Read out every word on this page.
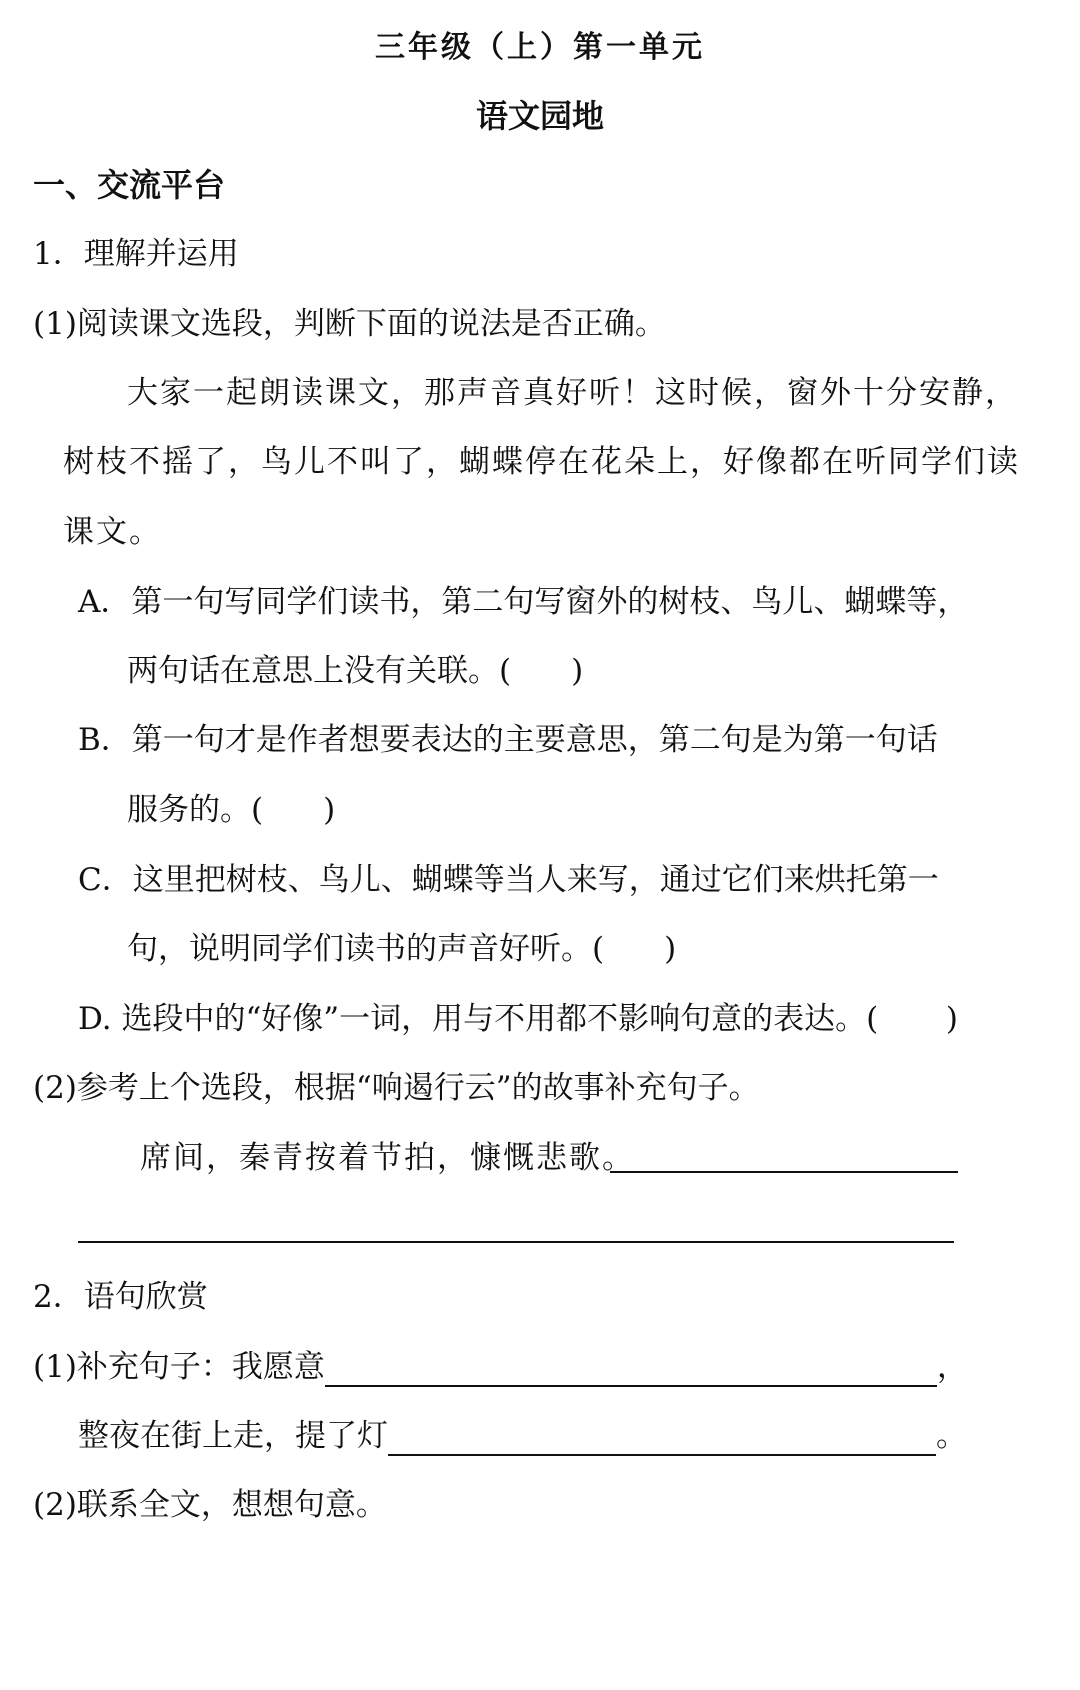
三年级（上）第一单元
语文园地
一、交流平台
1．理解并运用
(1)阅读课文选段，判断下面的说法是否正确。
大家一起朗读课文，那声音真好听！这时候，窗外十分安静，
树枝不摇了，鸟儿不叫了，蝴蝶停在花朵上，好像都在听同学们读
课文。
A．第一句写同学们读书，第二句写窗外的树枝、鸟儿、蝴蝶等，
两句话在意思上没有关联。( )
B．第一句才是作者想要表达的主要意思，第二句是为第一句话
服务的。( )
C．这里把树枝、鸟儿、蝴蝶等当人来写，通过它们来烘托第一
句，说明同学们读书的声音好听。( )
D. 选段中的“好像”一词，用与不用都不影响句意的表达。( )
(2)参考上个选段，根据“响遏行云”的故事补充句子。
席间，秦青按着节拍，慷慨悲歌。
2．语句欣赏
(1)补充句子：我愿意	，
整夜在街上走，提了灯	。
(2)联系全文，想想句意。
